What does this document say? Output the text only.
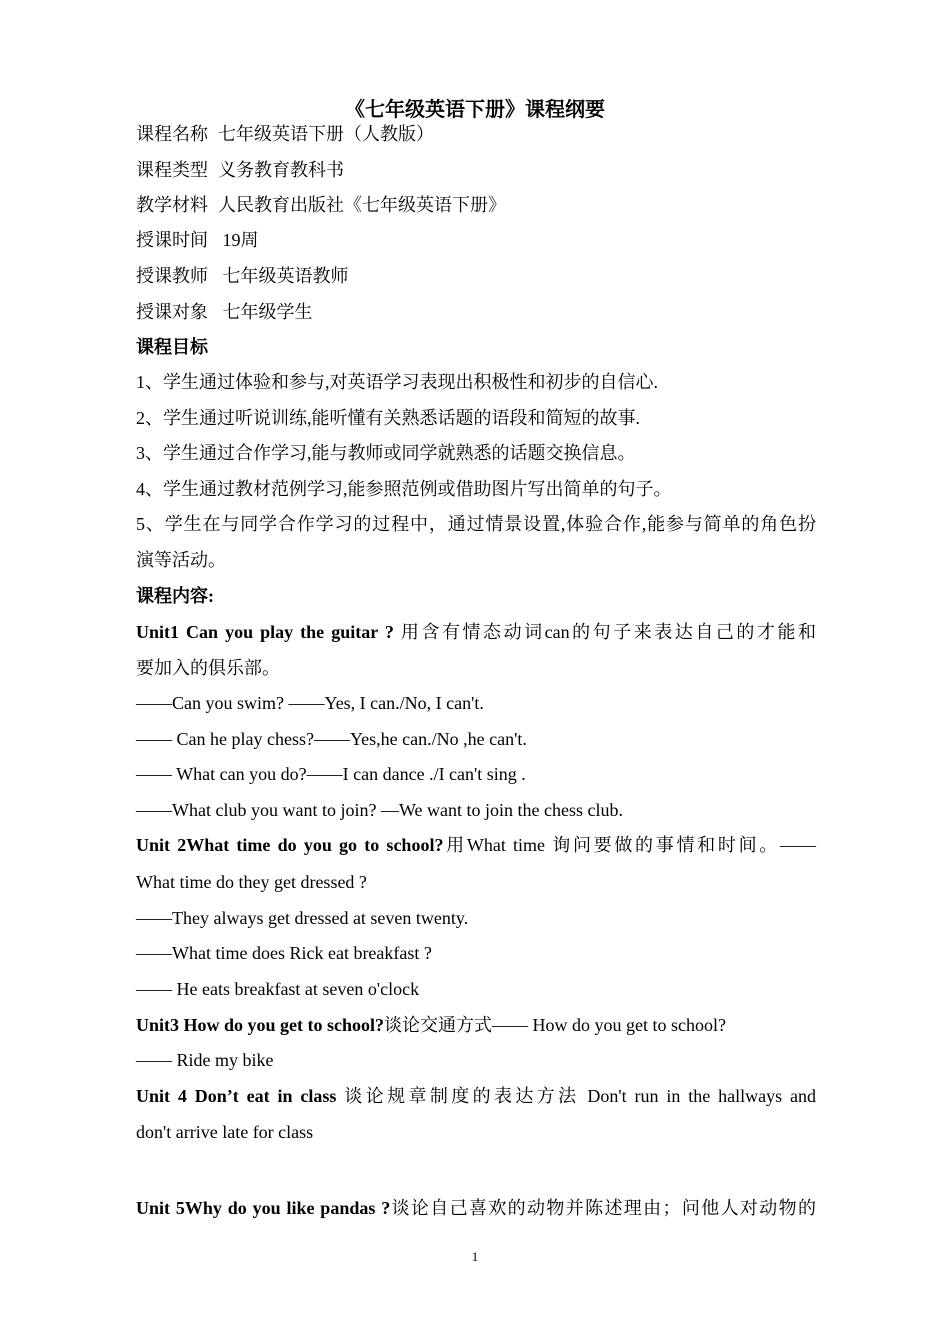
《七年级英语下册》课程纲要
课程名称 七年级英语下册（人教版）
课程类型 义务教育教科书
教学材料 人民教育出版社《七年级英语下册》
授课时间 19周
授课教师 七年级英语教师
授课对象 七年级学生
课程目标
1、学生通过体验和参与,对英语学习表现出积极性和初步的自信心.
2、学生通过听说训练,能听懂有关熟悉话题的语段和简短的故事.
3、学生通过合作学习,能与教师或同学就熟悉的话题交换信息。
4、学生通过教材范例学习,能参照范例或借助图片写出简单的句子。
5、学生在与同学合作学习的过程中，通过情景设置,体验合作,能参与简单的角色扮
演等活动。
课程内容:
Unit1 Can you play the guitar ? 用含有情态动词can的句子来表达自己的才能和
要加入的俱乐部。
——Can you swim? ——Yes, I can./No, I can't.
—— Can he play chess?——Yes,he can./No ,he can't.
—— What can you do?——I can dance ./I can't sing .
——What club you want to join? —We want to join the chess club.
Unit 2What time do you go to school?用What time 询问要做的事情和时间。——
What time do they get dressed ?
——They always get dressed at seven twenty.
——What time does Rick eat breakfast ?
—— He eats breakfast at seven o'clock
Unit3 How do you get to school?谈论交通方式—— How do you get to school?
—— Ride my bike
Unit 4 Don’t eat in class 谈论规章制度的表达方法 Don't run in the hallways and
don't arrive late for class
Unit 5Why do you like pandas ?谈论自己喜欢的动物并陈述理由；问他人对动物的
1
